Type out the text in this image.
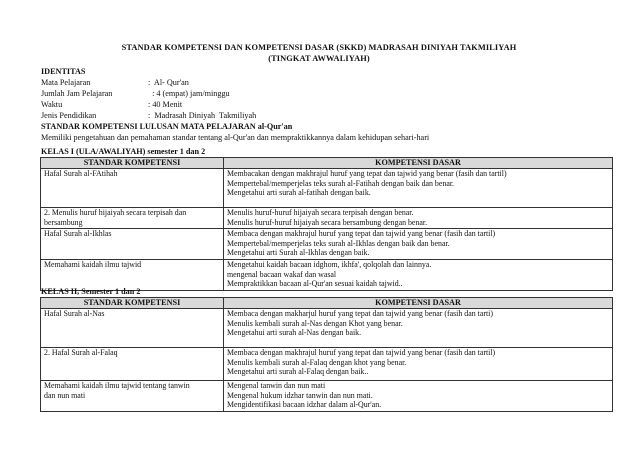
STANDAR KOMPETENSI DAN KOMPETENSI DASAR (SKKD) MADRASAH DINIYAH TAKMILIYAH
(TINGKAT AWWALIYAH)
IDENTITAS
Mata Pelajaran	:  Al- Qur'an
Jumlah Jam Pelajaran	: 4 (empat) jam/minggu
Waktu	: 40 Menit
Jenis Pendidikan	:  Madrasah Diniyah  Takmiliyah
STANDAR KOMPETENSI LULUSAN MATA PELAJARAN al-Qur'an
Memiliki pengetahuan dan pemahaman standar tentang al-Qur'an dan mempraktikkannya dalam kehidupan sehari-hari
KELAS I (ULA/AWALIYAH) semester 1 dan 2
STANDAR KOMPETENSI	KOMPETENSI DASAR

Hafal Surah al-FAtihah	Membacakan dengan makhrajul huruf yang tepat dan tajwid yang benar (fasih dan tartil)
Mempertebal/memperjelas teks surah al-Fatihah dengan baik dan benar.
Mengetahui arti surah al-fatihah dengan baik.

2. Menulis huruf hijaiyah secara terpisah dan
bersambung	Menulis huruf-huruf hijaiyah secara terpisah dengan benar.
Menulis huruf-huruf hijaiyah secara bersambung dengan benar.

Hafal Surah al-Ikhlas	Membaca dengan makhrajul huruf yang tepat dan tajwid yang benar (fasih dan tartil)
Mempertebal/memperjelas teks surah al-Ikhlas dengan baik dan benar.
Mengetahui arti Surah al-Ikhlas dengan baik.

Memahami kaidah ilmu tajwid	Mengetahui kaidah bacaan idghom, ikhfa', qolqolah dan lainnya.
mengenal bacaan wakaf dan wasal
Mempraktikkan bacaan al-Qur'an sesuai kaidah tajwid..
KELAS II, Semester 1 dan 2
STANDAR KOMPETENSI	KOMPETENSI DASAR

Hafal Surah al-Nas	Membaca dengan makharjul huruf yang tepat dan tajwid yang benar (fasih dan tarti)
Menulis kembali surah al-Nas dengan Khot yang benar.
Mengetahui arti surah al-Nas dengan baik.

2. Hafal Surah al-Falaq	Membaca dengan makhrajul huruf yang tepat dan tajwid yang benar (fasih dan tartil)
Menulis kembali surah al-Falaq dengan khot yang benar.
Mengetahui arti surah al-Falaq dengan baik..

Memahami kaidah ilmu tajwid tentang tanwin
dan nun mati	Mengenal tanwin dan nun mati
Mengenal hukum idzhar tanwin dan nun mati.
Mengidentifikasi bacaan idzhar dalam al-Qur'an.
